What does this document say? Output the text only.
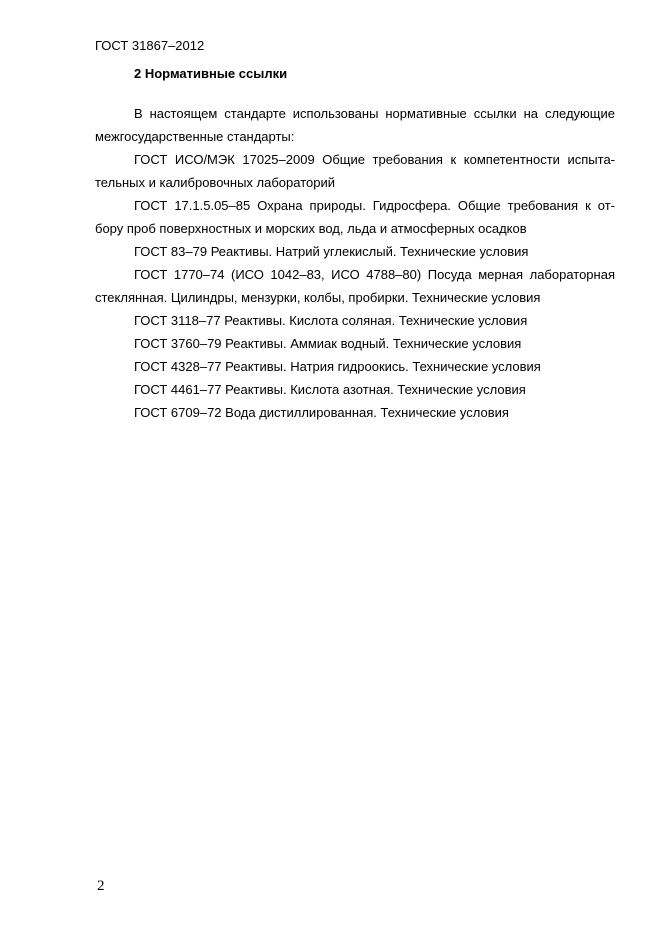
ГОСТ 31867–2012
2 Нормативные ссылки

В настоящем стандарте использованы нормативные ссылки на следующие межгосударственные стандарты:

ГОСТ ИСО/МЭК 17025–2009 Общие требования к компетентности испыта- тельных и калибровочных лабораторий

ГОСТ 17.1.5.05–85 Охрана природы. Гидросфера. Общие требования к от- бору проб поверхностных и морских вод, льда и атмосферных осадков

ГОСТ 83–79 Реактивы. Натрий углекислый. Технические условия

ГОСТ 1770–74 (ИСО 1042–83, ИСО 4788–80) Посуда мерная лабораторная стеклянная. Цилиндры, мензурки, колбы, пробирки. Технические условия

ГОСТ 3118–77 Реактивы. Кислота соляная. Технические условия

ГОСТ 3760–79 Реактивы. Аммиак водный. Технические условия

ГОСТ 4328–77 Реактивы. Натрия гидроокись. Технические условия

ГОСТ 4461–77 Реактивы. Кислота азотная. Технические условия

ГОСТ 6709–72 Вода дистиллированная. Технические условия

2
